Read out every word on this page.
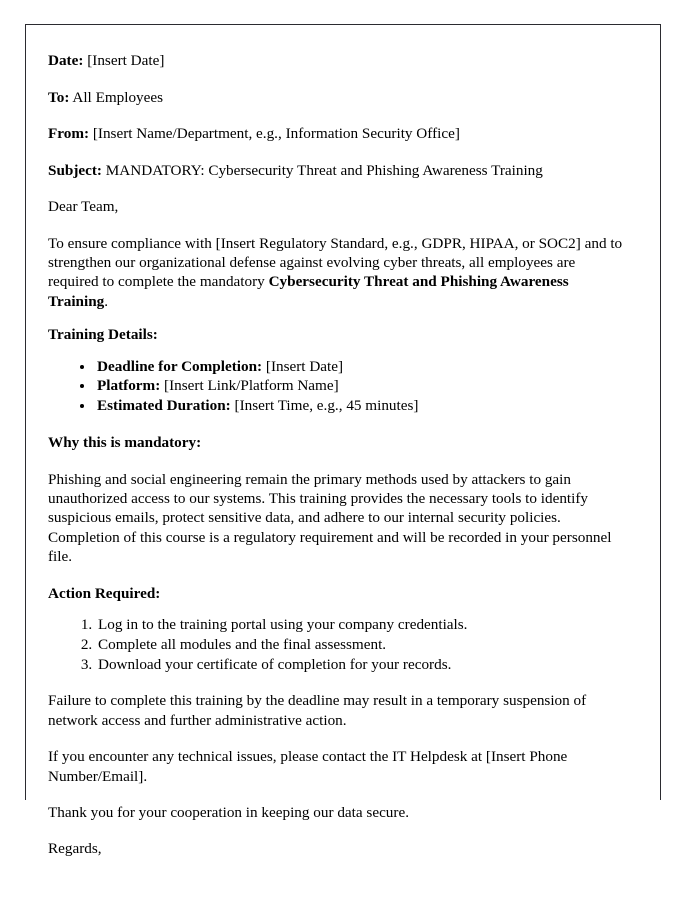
Date: [Insert Date]
To: All Employees
From: [Insert Name/Department, e.g., Information Security Office]
Subject: MANDATORY: Cybersecurity Threat and Phishing Awareness Training
Dear Team,
To ensure compliance with [Insert Regulatory Standard, e.g., GDPR, HIPAA, or SOC2] and to strengthen our organizational defense against evolving cyber threats, all employees are required to complete the mandatory Cybersecurity Threat and Phishing Awareness Training.
Training Details:
• Deadline for Completion: [Insert Date]
• Platform: [Insert Link/Platform Name]
• Estimated Duration: [Insert Time, e.g., 45 minutes]
Why this is mandatory:
Phishing and social engineering remain the primary methods used by attackers to gain unauthorized access to our systems. This training provides the necessary tools to identify suspicious emails, protect sensitive data, and adhere to our internal security policies. Completion of this course is a regulatory requirement and will be recorded in your personnel file.
Action Required:
1. Log in to the training portal using your company credentials.
2. Complete all modules and the final assessment.
3. Download your certificate of completion for your records.
Failure to complete this training by the deadline may result in a temporary suspension of network access and further administrative action.
If you encounter any technical issues, please contact the IT Helpdesk at [Insert Phone Number/Email].
Thank you for your cooperation in keeping our data secure.
Regards,
